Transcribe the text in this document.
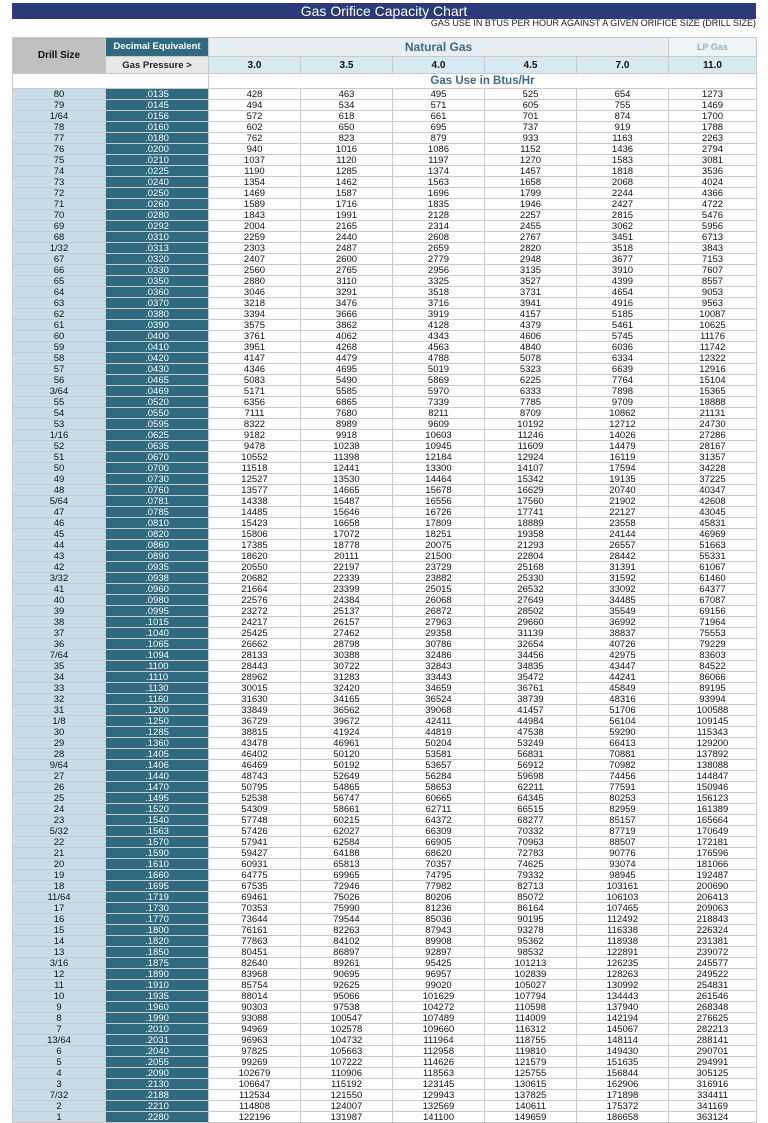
Gas Orifice Capacity Chart
GAS USE IN BTUS PER HOUR AGAINST A GIVEN ORIFICE SIZE (DRILL SIZE)
Drill Size	Decimal Equivalent	Natural Gas					LP Gas
	Gas Pressure >	3.0	3.5	4.0	4.5	7.0	11.0
		Gas Use in Btus/Hr					
80	.0135	428	463	495	525	654	1273
79	.0145	494	534	571	605	755	1469
1/64	.0156	572	618	661	701	874	1700
78	.0160	602	650	695	737	919	1788
77	.0180	762	823	879	933	1163	2263
76	.0200	940	1016	1086	1152	1436	2794
75	.0210	1037	1120	1197	1270	1583	3081
74	.0225	1190	1285	1374	1457	1818	3536
73	.0240	1354	1462	1563	1658	2068	4024
72	.0250	1469	1587	1696	1799	2244	4366
71	.0260	1589	1716	1835	1946	2427	4722
70	.0280	1843	1991	2128	2257	2815	5476
69	.0292	2004	2165	2314	2455	3062	5956
68	.0310	2259	2440	2608	2767	3451	6713
1/32	.0313	2303	2487	2659	2820	3518	3843
67	.0320	2407	2600	2779	2948	3677	7153
66	.0330	2560	2765	2956	3135	3910	7607
65	.0350	2880	3110	3325	3527	4399	8557
64	.0360	3046	3291	3518	3731	4654	9053
63	.0370	3218	3476	3716	3941	4916	9563
62	.0380	3394	3666	3919	4157	5185	10087
61	.0390	3575	3862	4128	4379	5461	10625
60	.0400	3761	4062	4343	4606	5745	11176
59	.0410	3951	4268	4563	4840	6036	11742
58	.0420	4147	4479	4788	5078	6334	12322
57	.0430	4346	4695	5019	5323	6639	12916
56	.0465	5083	5490	5869	6225	7764	15104
3/64	.0469	5171	5585	5970	6333	7898	15365
55	.0520	6356	6865	7339	7785	9709	18888
54	.0550	7111	7680	8211	8709	10862	21131
53	.0595	8322	8989	9609	10192	12712	24730
1/16	.0625	9182	9918	10603	11246	14026	27286
52	.0635	9478	10238	10945	11609	14479	28167
51	.0670	10552	11398	12184	12924	16119	31357
50	.0700	11518	12441	13300	14107	17594	34228
49	.0730	12527	13530	14464	15342	19135	37225
48	.0760	13577	14665	15678	16629	20740	40347
5/64	.0781	14338	15487	16556	17560	21902	42608
47	.0785	14485	15646	16726	17741	22127	43045
46	.0810	15423	16658	17809	18889	23558	45831
45	.0820	15806	17072	18251	19358	24144	46969
44	.0860	17385	18778	20075	21293	26557	51663
43	.0890	18620	20111	21500	22804	28442	55331
42	.0935	20550	22197	23729	25168	31391	61067
3/32	.0938	20682	22339	23882	25330	31592	61460
41	.0960	21664	23399	25015	26532	33092	64377
40	.0980	22576	24384	26068	27649	34485	67087
39	.0995	23272	25137	26872	28502	35549	69156
38	.1015	24217	26157	27963	29660	36992	71964
37	.1040	25425	27462	29358	31139	38837	75553
36	.1065	26662	28798	30786	32654	40726	79229
7/64	.1094	28133	30388	32486	34456	42975	83603
35	.1100	28443	30722	32843	34835	43447	84522
34	.1110	28962	31283	33443	35472	44241	86066
33	.1130	30015	32420	34659	36761	45849	89195
32	.1160	31630	34165	36524	38739	48316	93994
31	.1200	33849	36562	39068	41457	51706	100588
1/8	.1250	36729	39672	42411	44984	56104	109145
30	.1285	38815	41924	44819	47538	59290	115343
29	.1360	43478	46961	50204	53249	66413	129200
28	.1405	46402	50120	53581	56831	70881	137892
9/64	.1406	46469	50192	53657	56912	70982	138088
27	.1440	48743	52649	56284	59698	74456	144847
26	.1470	50795	54865	58653	62211	77591	150946
25	.1495	52538	56747	60665	64345	80253	156123
24	.1520	54309	58661	62711	66515	82959	161389
23	.1540	57748	60215	64372	68277	85157	165664
5/32	.1563	57426	62027	66309	70332	87719	170649
22	.1570	57941	62584	66905	70963	88507	172181
21	.1590	59427	64188	68620	72783	90776	176596
20	.1610	60931	65813	70357	74625	93074	181066
19	.1660	64775	69965	74795	79332	98945	192487
18	.1695	67535	72946	77982	82713	103161	200690
11/64	.1719	69461	75026	80206	85072	106103	206413
17	.1730	70353	75990	81236	86164	107465	209063
16	.1770	73644	79544	85036	90195	112492	218843
15	.1800	76161	82263	87943	93278	116338	226324
14	.1820	77863	84102	89908	95362	118938	231381
13	.1850	80451	86897	92897	98532	122891	239072
3/16	.1875	82640	89261	95425	101213	126235	245577
12	.1890	83968	90695	96957	102839	128263	249522
11	.1910	85754	92625	99020	105027	130992	254831
10	.1935	88014	95066	101629	107794	134443	261546
9	.1960	90303	97538	104272	110598	137940	268348
8	.1990	93088	100547	107489	114009	142194	276625
7	.2010	94969	102578	109660	116312	145067	282213
13/64	.2031	96963	104732	111964	118755	148114	288141
6	.2040	97825	105663	112958	119810	149430	290701
5	.2055	99269	107222	114626	121579	151635	294991
4	.2090	102679	110906	118563	125755	156844	305125
3	.2130	106647	115192	123145	130615	162906	316916
7/32	.2188	112534	121550	129943	137825	171898	334411
2	.2210	114808	124007	132569	140611	175372	341169
1	.2280	122196	131987	141100	149659	186658	363124
